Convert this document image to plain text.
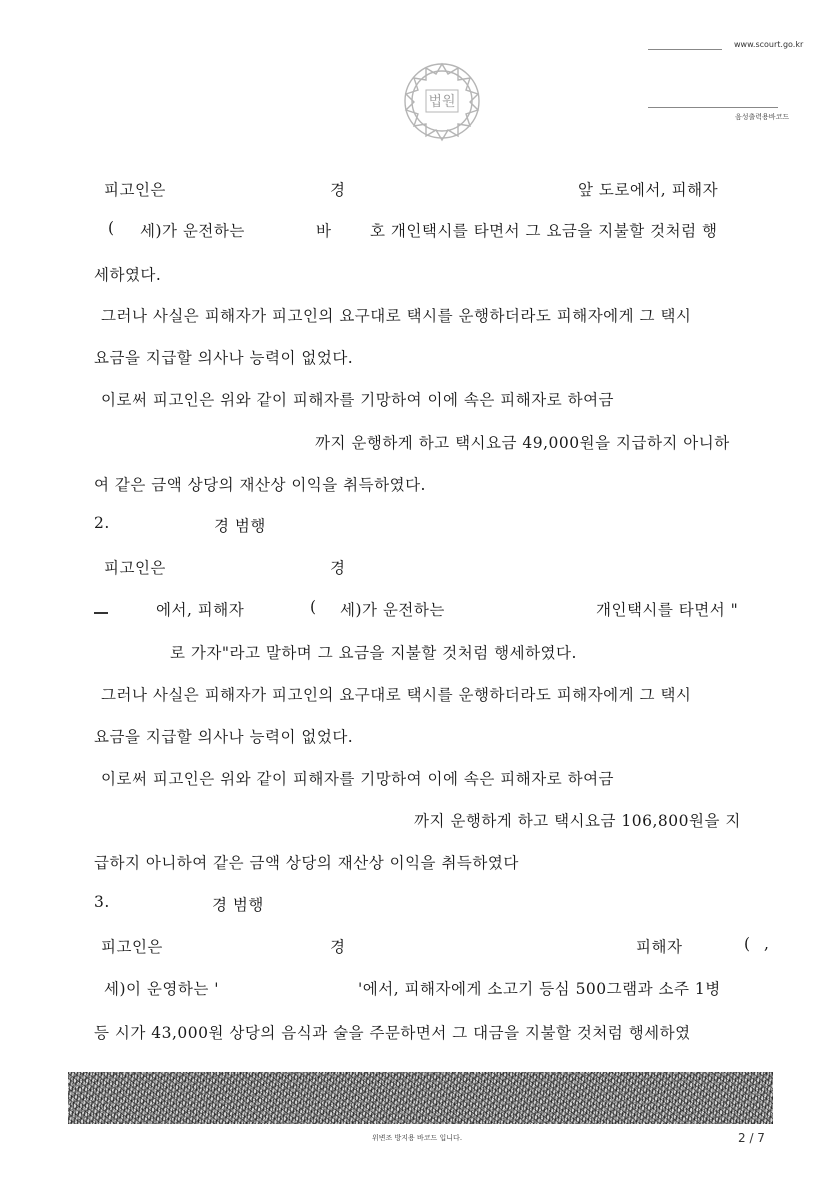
www.scourt.go.kr
음성출력용바코드
법원
피고인은	경	앞 도로에서, 피해자
( 세)가 운전하는	바 호 개인택시를 타면서 그 요금을 지불할 것처럼 행
세하였다.
그러나 사실은 피해자가 피고인의 요구대로 택시를 운행하더라도 피해자에게 그 택시
요금을 지급할 의사나 능력이 없었다.
이로써 피고인은 위와 같이 피해자를 기망하여 이에 속은 피해자로 하여금
까지 운행하게 하고 택시요금 49,000원을 지급하지 아니하
여 같은 금액 상당의 재산상 이익을 취득하였다.
2.	경 범행
피고인은	경
에서, 피해자	( 세)가 운전하는	개인택시를 타면서 "
로 가자"라고 말하며 그 요금을 지불할 것처럼 행세하였다.
그러나 사실은 피해자가 피고인의 요구대로 택시를 운행하더라도 피해자에게 그 택시
요금을 지급할 의사나 능력이 없었다.
이로써 피고인은 위와 같이 피해자를 기망하여 이에 속은 피해자로 하여금
까지 운행하게 하고 택시요금 106,800원을 지
급하지 아니하여 같은 금액 상당의 재산상 이익을 취득하였다
3.	경 범행
피고인은	경	피해자	( ,
세)이 운영하는 '	'에서, 피해자에게 소고기 등심 500그램과 소주 1병
등 시가 43,000원 상당의 음식과 술을 주문하면서 그 대금을 지불할 것처럼 행세하였
위변조 방지용 바코드 입니다.	2 / 7
